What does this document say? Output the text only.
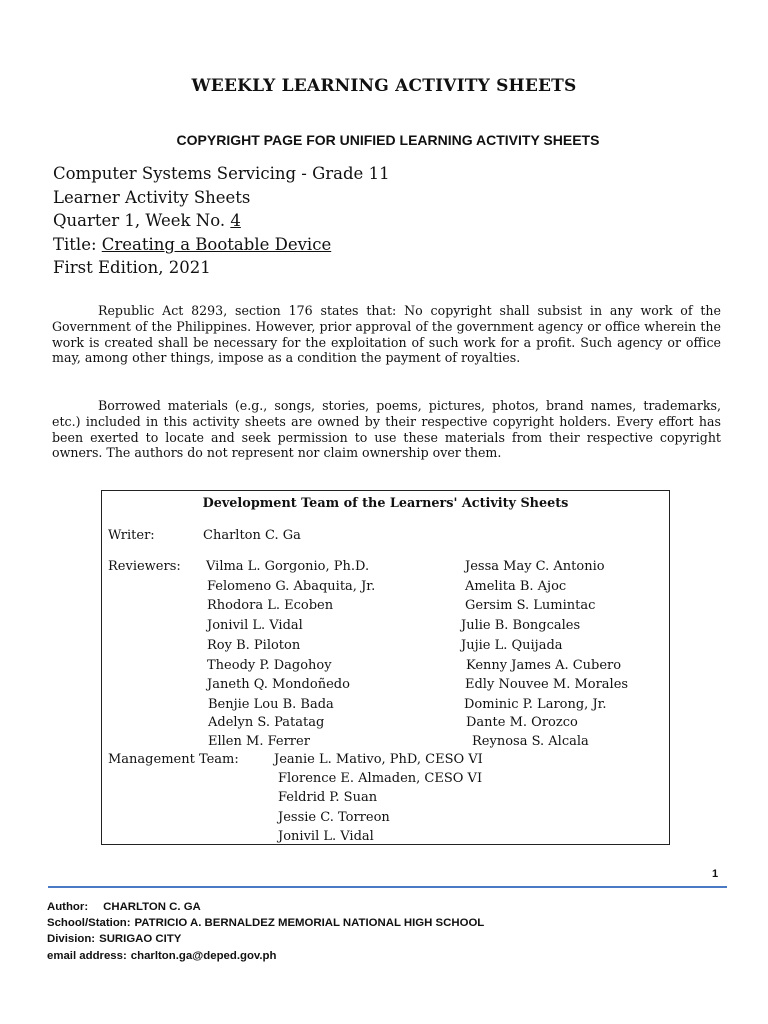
WEEKLY LEARNING ACTIVITY SHEETS
COPYRIGHT PAGE FOR UNIFIED LEARNING ACTIVITY SHEETS
Computer Systems Servicing - Grade 11
Learner Activity Sheets
Quarter 1, Week No. 4
Title: Creating a Bootable Device
First Edition, 2021
Republic Act 8293, section 176 states that: No copyright shall subsist in any work of the Government of the Philippines. However, prior approval of the government agency or office wherein the work is created shall be necessary for the exploitation of such work for a profit. Such agency or office may, among other things, impose as a condition the payment of royalties.
Borrowed materials (e.g., songs, stories, poems, pictures, photos, brand names, trademarks, etc.) included in this activity sheets are owned by their respective copyright holders. Every effort has been exerted to locate and seek permission to use these materials from their respective copyright owners. The authors do not represent nor claim ownership over them.
Development Team of the Learners' Activity Sheets
Writer:	Charlton C. Ga
Reviewers: Vilma L. Gorgonio, Ph.D.
Felomeno G. Abaquita, Jr.
Rhodora L. Ecoben
Jonivil L. Vidal
Roy B. Piloton
Theody P. Dagohoy
Janeth Q. Mondoñedo
Benjie Lou B. Bada
Adelyn S. Patatag
Ellen M. Ferrer
Jessa May C. Antonio
Amelita B. Ajoc
Gersim S. Lumintac
Julie B. Bongcales
Jujie L. Quijada
Kenny James A. Cubero
Edly Nouvee M. Morales
Dominic P. Larong, Jr.
Dante M. Orozco
Reynosa S. Alcala
Management Team:	Jeanie L. Mativo, PhD, CESO VI
Florence E. Almaden, CESO VI
Feldrid P. Suan
Jessie C. Torreon
Jonivil L. Vidal
1
Author: CHARLTON C. GA
School/Station: PATRICIO A. BERNALDEZ MEMORIAL NATIONAL HIGH SCHOOL
Division: SURIGAO CITY
email address: charlton.ga@deped.gov.ph
